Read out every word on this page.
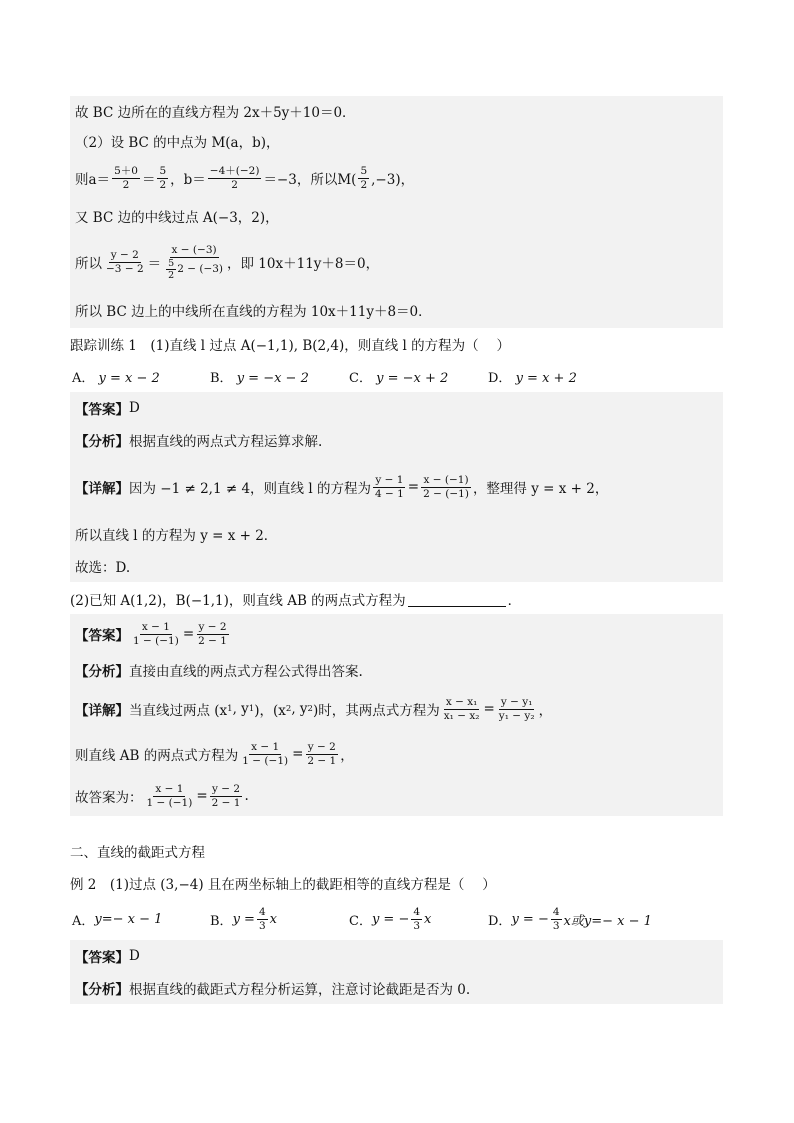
故 BC 边所在的直线方程为 2x＋5y＋10＝0．
（2）设 BC 的中点为 M(a，b)，
则$a= \frac{5+0}{2} = \frac{5}{2}$ ，$b= \frac{-4+(-2)}{2} =-3$，所以$M( \frac{5}{2} ,-3)$，
又 BC 边的中线过点 A(−3，2)，
所以 $\frac{y - 2}{-3 - 2} = \frac{x - (-3)}{\frac{5}{2} 2 - (-3)}$ ，即 10x＋11y＋8＝0，
所以 BC 边上的中线所在直线的方程为 10x＋11y＋8＝0．
跟踪训练 1　(1)直线 l 过点 A(−1,1), B(2,4)，则直线 l 的方程为（　 ）
A． y = x − 2	B． y = −x − 2	C． y = −x + 2	D． y = x + 2
【答案】 D
【分析】 根据直线的两点式方程运算求解.
【详解】 因为 −1 ≠ 2,1 ≠ 4，则直线 l 的方程为 $\frac{y - 1}{4 - 1} = \frac{x - (-1)}{2 - (-1)}$ ，整理得 y = x + 2，
所以直线 l 的方程为 y = x + 2．
故选：D.
(2)已知 A(1,2)，B(−1,1)，则直线 AB 的两点式方程为	．
【答案】 $\frac{x - 1}{1 - (-1)} = \frac{y - 2}{2 - 1}$
【分析】 直接由直线的两点式方程公式得出答案.
【详解】 当直线过两点 (x 1 , y 1 )，(x 2 , y 2 )时，其两点式方程为 $\frac{\text{x − x₁}}{\text{x₁ − x₂}} = \frac{\text{y − y₁}}{\text{y₁ − y₂}}$ ，
则直线 AB 的两点式方程为 $\frac{x - 1}{1 - (-1)} = \frac{y - 2}{2 - 1}$ ，
故答案为： $\frac{x - 1}{1 - (-1)} = \frac{y - 2}{2 - 1}$ .
二、直线的截距式方程
例 2　(1)过点 (3,−4) 且在两坐标轴上的截距相等的直线方程是（　 ）
A． y=− x − 1	B． $y = \frac{4}{3}$ x	C． y = − $\frac{4}{3}$ x	D． y = − $\frac{4}{3}$ x或y=− x − 1
【答案】 D
【分析】 根据直线的截距式方程分析运算，注意讨论截距是否为 0.
